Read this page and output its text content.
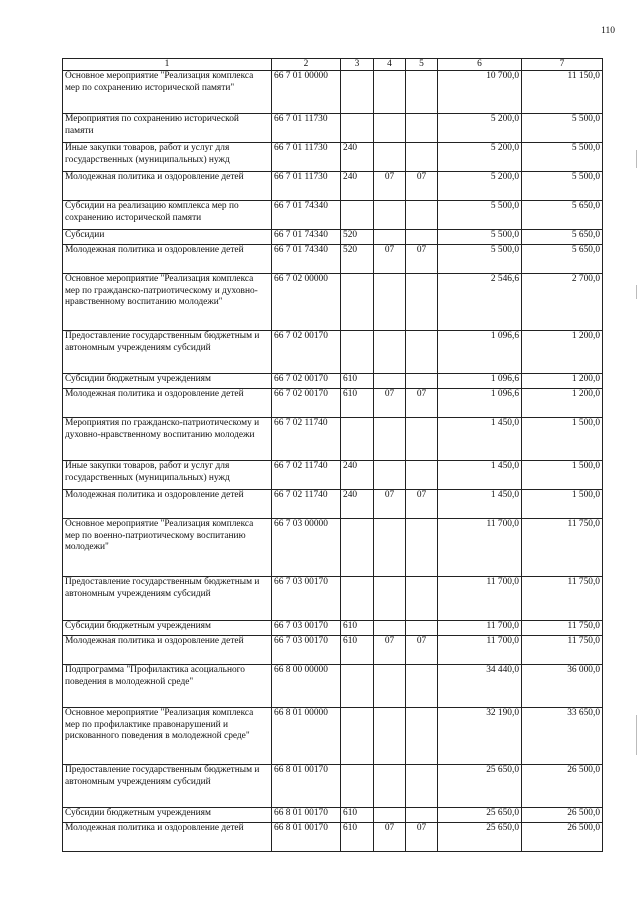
110
1	2	3	4	5	6	7
Основное мероприятие "Реализация комплекса мер по сохранению исторической памяти"	66 7 01 00000				10 700,0	11 150,0
Мероприятия по сохранению исторической памяти	66 7 01 11730				5 200,0	5 500,0
Иные закупки товаров, работ и услуг для государственных (муниципальных) нужд	66 7 01 11730	240			5 200,0	5 500,0
Молодежная политика и оздоровление детей	66 7 01 11730	240	07	07	5 200,0	5 500,0
Субсидии на реализацию комплекса мер по сохранению исторической памяти	66 7 01 74340				5 500,0	5 650,0
Субсидии	66 7 01 74340	520			5 500,0	5 650,0
Молодежная политика и оздоровление детей	66 7 01 74340	520	07	07	5 500,0	5 650,0
Основное мероприятие "Реализация комплекса мер по гражданско-патриотическому и духовно-нравственному воспитанию молодежи"	66 7 02 00000				2 546,6	2 700,0
Предоставление государственным бюджетным и автономным учреждениям субсидий	66 7 02 00170				1 096,6	1 200,0
Субсидии бюджетным учреждениям	66 7 02 00170	610			1 096,6	1 200,0
Молодежная политика и оздоровление детей	66 7 02 00170	610	07	07	1 096,6	1 200,0
Мероприятия по гражданско-патриотическому и духовно-нравственному воспитанию молодежи	66 7 02 11740				1 450,0	1 500,0
Иные закупки товаров, работ и услуг для государственных (муниципальных) нужд	66 7 02 11740	240			1 450,0	1 500,0
Молодежная политика и оздоровление детей	66 7 02 11740	240	07	07	1 450,0	1 500,0
Основное мероприятие "Реализация комплекса мер по военно-патриотическому воспитанию молодежи"	66 7 03 00000				11 700,0	11 750,0
Предоставление государственным бюджетным и автономным учреждениям субсидий	66 7 03 00170				11 700,0	11 750,0
Субсидии бюджетным учреждениям	66 7 03 00170	610			11 700,0	11 750,0
Молодежная политика и оздоровление детей	66 7 03 00170	610	07	07	11 700,0	11 750,0
Подпрограмма "Профилактика асоциального поведения в молодежной среде"	66 8 00 00000				34 440,0	36 000,0
Основное мероприятие "Реализация комплекса мер по профилактике правонарушений и рискованного поведения в молодежной среде"	66 8 01 00000				32 190,0	33 650,0
Предоставление государственным бюджетным и автономным учреждениям субсидий	66 8 01 00170				25 650,0	26 500,0
Субсидии бюджетным учреждениям	66 8 01 00170	610			25 650,0	26 500,0
Молодежная политика и оздоровление детей	66 8 01 00170	610	07	07	25 650,0	26 500,0
